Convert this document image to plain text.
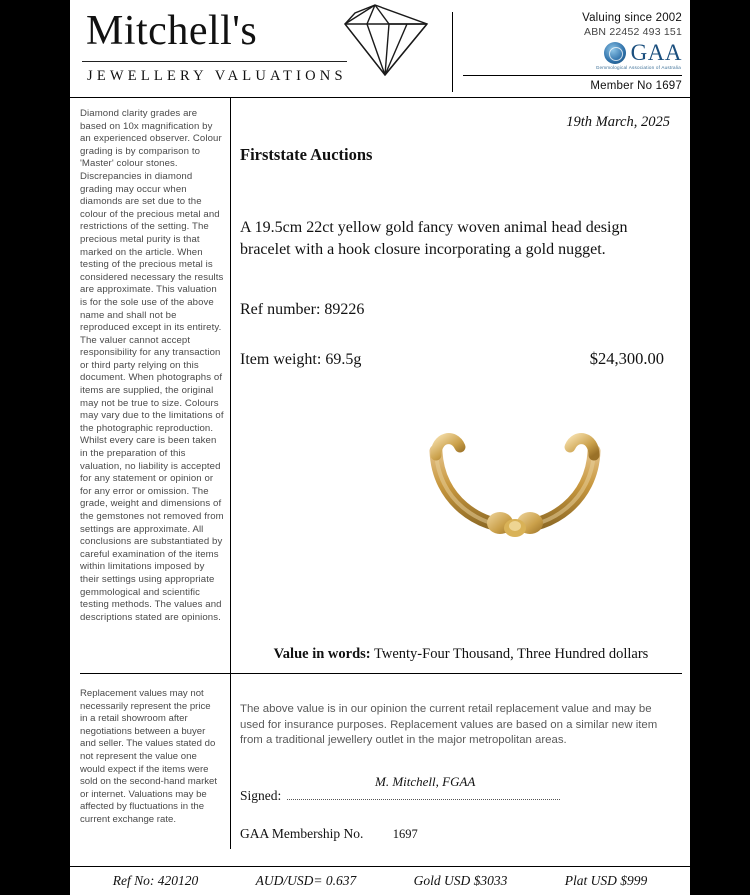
Mitchell's
JEWELLERY VALUATIONS
Valuing since 2002
ABN 22452 493 151
GAA
Gemmological Association of Australia
Member No 1697
Diamond clarity grades are based on 10x magnification by an experienced observer. Colour grading is by comparison to 'Master' colour stones. Discrepancies in diamond grading may occur when diamonds are set due to the colour of the precious metal and restrictions of the setting. The precious metal purity is that marked on the article. When testing of the precious metal is considered necessary the results are approximate. This valuation is for the sole use of the above name and shall not be reproduced except in its entirety. The valuer cannot accept responsibility for any transaction or third party relying on this document. When photographs of items are supplied, the original may not be true to size. Colours may vary due to the limitations of the photographic reproduction. Whilst every care is been taken in the preparation of this valuation, no liability is accepted for any statement or opinion or for any error or omission. The grade, weight and dimensions of the gemstones not removed from settings are approximate. All conclusions are substantiated by careful examination of the items within limitations imposed by their settings using appropriate gemmological and scientific testing methods. The values and descriptions stated are opinions.
19th March, 2025
Firststate Auctions
A 19.5cm 22ct yellow gold fancy woven animal head design bracelet with a hook closure incorporating a gold nugget.
Ref number: 89226
Item weight: 69.5g	$24,300.00
Value in words: Twenty-Four Thousand, Three Hundred dollars
Replacement values may not necessarily represent the price in a retail showroom after negotiations between a buyer and seller. The values stated do not represent the value one would expect if the items were sold on the second-hand market or internet. Valuations may be affected by fluctuations in the current exchange rate.
The above value is in our opinion the current retail replacement value and may be used for insurance purposes. Replacement values are based on a similar new item from a traditional jewellery outlet in the major metropolitan areas.
M. Mitchell, FGAA
Signed:
GAA Membership No. 1697
Ref No: 420120	AUD/USD= 0.637	Gold USD $3033	Plat USD $999
